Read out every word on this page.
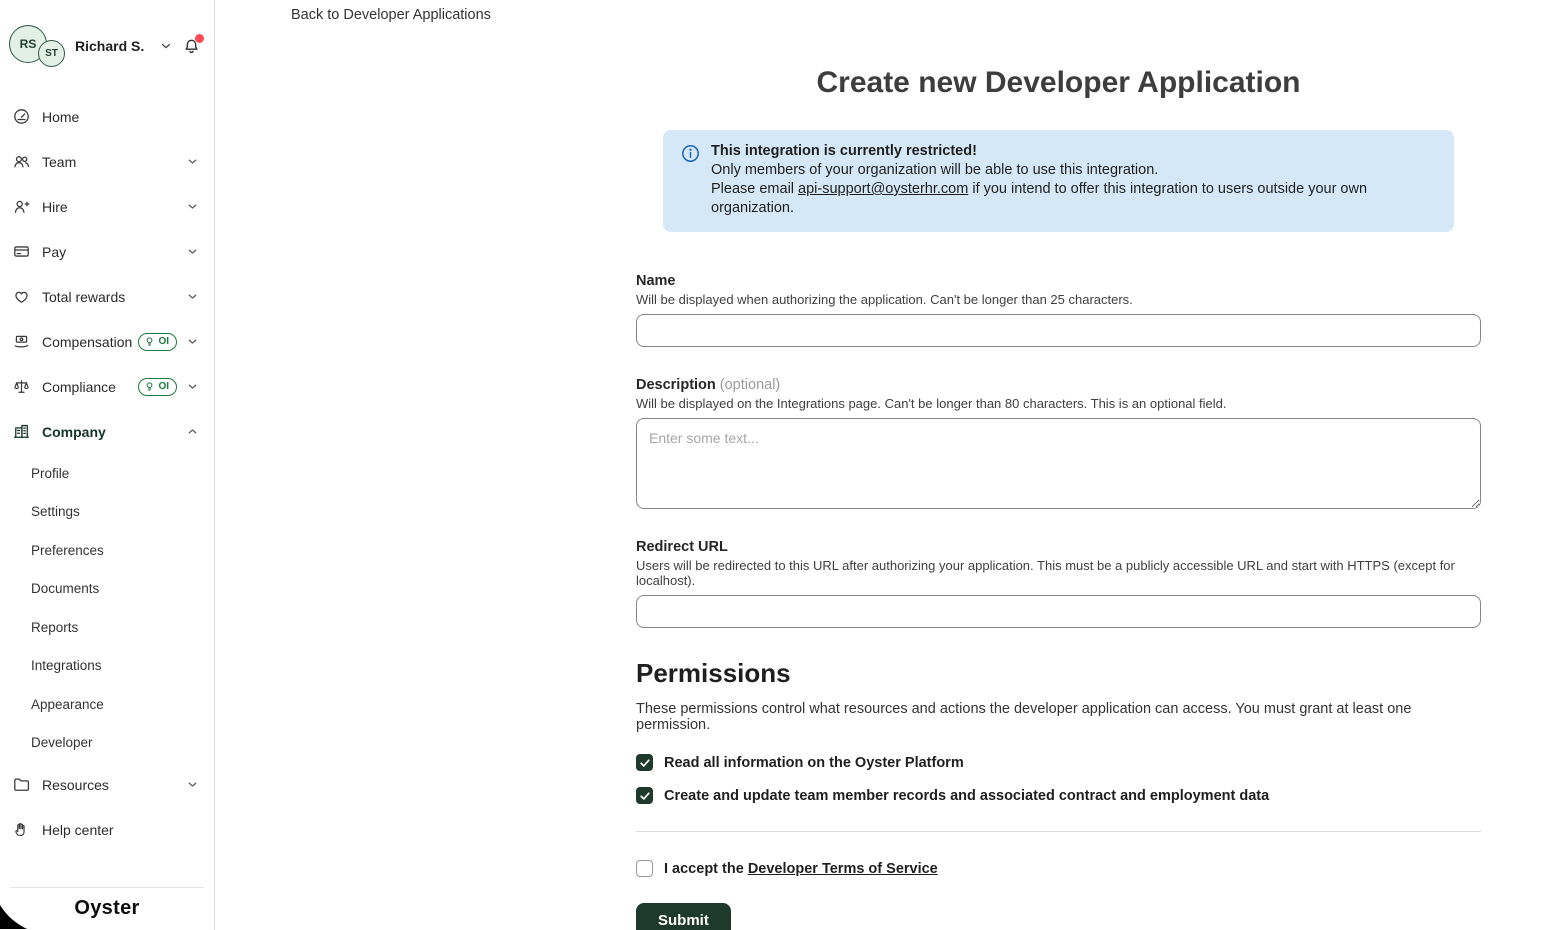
RS
ST	Richard S.
Home
Team
Hire
Pay
Total rewards
Compensation	OI
Compliance	OI
Company
Profile
Settings
Preferences
Documents
Reports
Integrations
Appearance
Developer
Resources
Help center
Oyster
Back to Developer Applications
Create new Developer Application
This integration is currently restricted!
Only members of your organization will be able to use this integration.
Please email api-support@oysterhr.com if you intend to offer this integration to users outside your own organization.
Name
Will be displayed when authorizing the application. Can't be longer than 25 characters.
Description (optional)
Will be displayed on the Integrations page. Can't be longer than 80 characters. This is an optional field.
Enter some text...
Redirect URL
Users will be redirected to this URL after authorizing your application. This must be a publicly accessible URL and start with HTTPS (except for localhost).
Permissions

These permissions control what resources and actions the developer application can access. You must grant at least one permission.

Read all information on the Oyster Platform
Create and update team member records and associated contract and employment data
I accept the Developer Terms of Service
Submit
